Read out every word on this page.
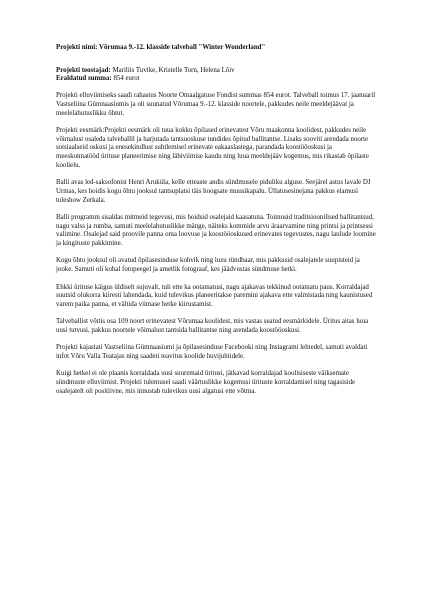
Projekti nimi: Võrumaa 9.-12. klasside talveball "Winter Wonderland"
Projekti teostajad: Mariliis Tuvike, Kristelle Torn, Helena Lõiv
Eraldatud summa: 854 eurot

Projekti elluviimiseks saadi rahastus Noorte Omaalgatuse Fondist summas 854 eurot. Talveball toimus 17. jaanuaril Vastseliina Gümnaasiumis ja oli suunatud Võrumaa 9.-12. klasside noortele, pakkudes neile meeldejäävat ja meelelahutuslikku õhtut.

Projekti eesmärk:Projekti eesmärk oli tuua kokku õpilased erinevatest Võru maakonna koolidest, pakkudes neile võimalust osaleda talveballil ja harjutada tantsuoskuse tundides õpitud ballitantse. Lisaks sooviti arendada noorte sotsiaalseid oskusi ja enesekindlust suhtlemisel erinevate eakaaslastega, parandada koostööoskusi ja meeskonnatööd ürituse planeerimise ning läbiviimise kaudu ning luua meeldejääv kogemus, mis rikastab õpilaste koolielu.

Balli avas led-saksofonist Henri Aruküla, kelle etteaste andis sündmusele piduliku alguse. Seejärel astus lavale DJ Urmas, kes hoidis kogu õhtu jooksul tantsuplatsi täis hoogsate muusikapalu. Üllatusesinejana pakkus elamusi tuleshow Zerkala.

Balli programm sisaldas mitmeid tegevusi, mis hoidsid osalejaid kaasatuna. Toimusid traditsioonilised ballitantsud, nagu valss ja rumba, samuti meelelahutuslikke mänge, näiteks kommide arvu äraarvamine ning printsi ja printsessi valimine. Osalejad said proovile panna oma loovuse ja koostööoskused erinevates tegevustes, nagu laulude loomine ja kingituste pakkimine.

Kogu õhtu jooksul oli avatud õpilasesinduse kohvik ning luzu ründbaar, mis pakkusid osalejatele suupisteid ja jooke. Samuti oli kohal fotopeegel ja ametlik fotograaf, kes jäädvustas sündmuse hetki.

Ehkki ürituse käigus üldiselt sujuvalt, tuli ette ka ootamatusi, nagu ajakavas tekkinud ootamatu paus. Korraldajad suutsid olukorra kiiresti lahendada, kuid tulevikus planeeritakse paremini ajakava ette valmistada ning kaunistused varem paika panna, et vältida viimase hetke kiirustamist.

Talveballist võttis osa 109 noort erinevatest Võrumaa koolidest, mis vastas seatud eesmärkidele. Üritus aitas luua uusi tutvusi, pakkus noortele võimalust tantsida ballitantse ning arendada koostööoskusi.

Projekti kajastati Vastseliina Gümnaasiumi ja õpilasesinduse Facebooki ning Instagrami lehtedel, samuti avaldati infot Võru Valla Teatajas ning saadeti teavitus koolide huvijuhtidele.

Kuigi hetkel ei ole plaanis korraldada uusi suuremaid üritusi, jätkavad korraldajad koolisiseste väiksemate sündmuste elluviimist. Projekti tulemusel saadi väärtuslikke kogemusi ürituste korraldamisel ning tagasiside osalejatelt oli positiivne, mis innustab tulevikus uusi algatusi ette võtma.
